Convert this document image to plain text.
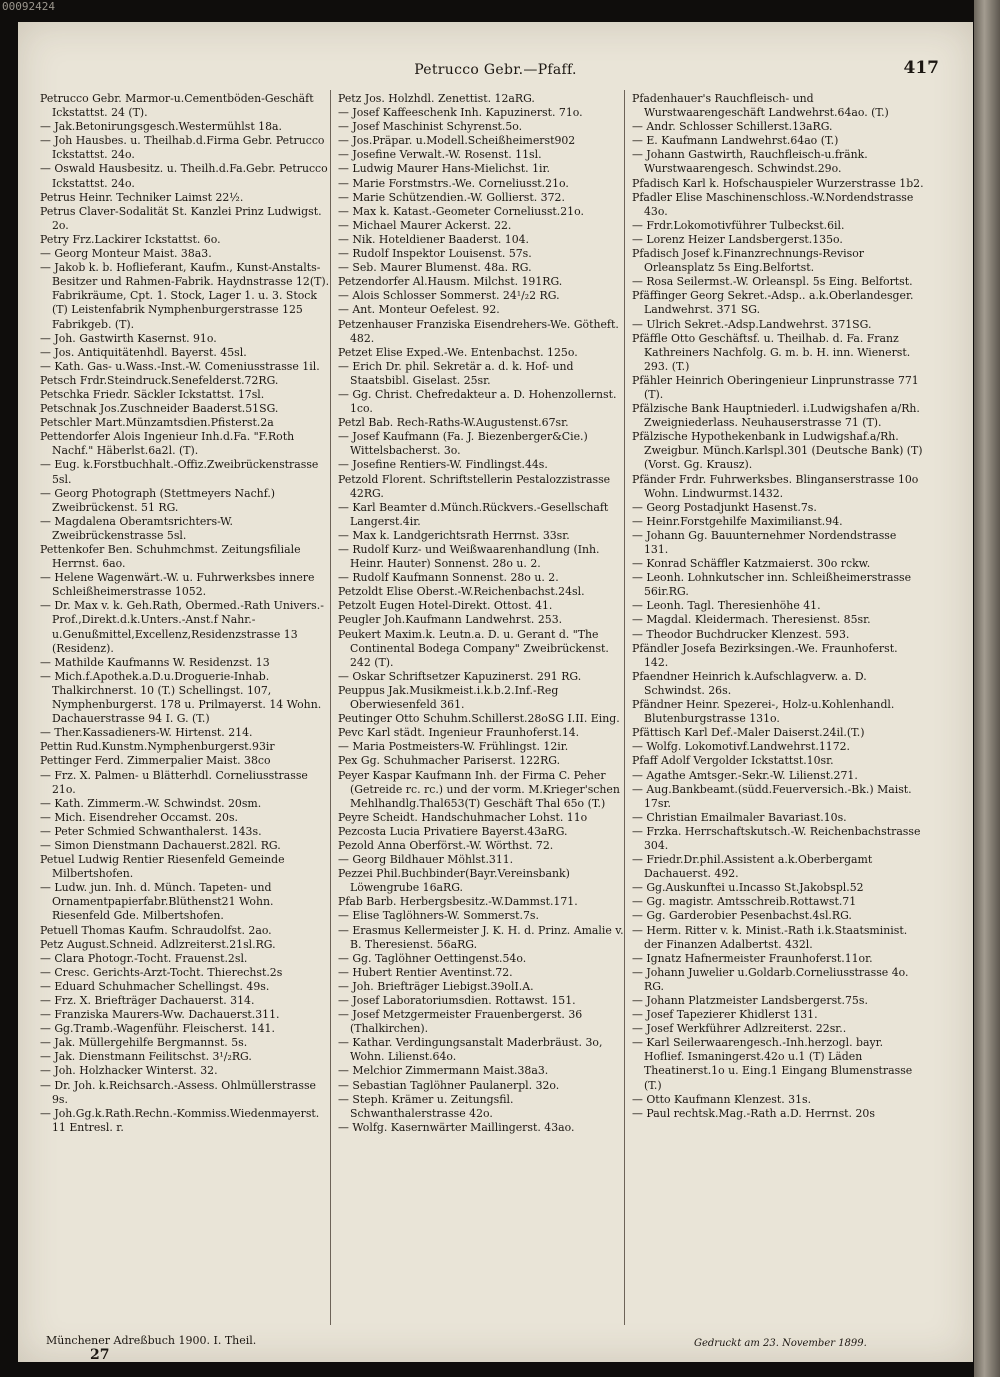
00092424
Petrucco Gebr.—Pfaff.	417
Petrucco Gebr. Marmor-u.Cementböden-Geschäft Ickstattst. 24 (T).
— Jak.Betonirungsgesch.Westermühlst 18a.
— Joh Hausbes. u. Theilhab.d.Firma Gebr. Petrucco Ickstattst. 24o.
— Oswald Hausbesitz. u. Theilh.d.Fa.Gebr. Petrucco Ickstattst. 24o.
Petrus Heinr. Techniker Laimst 22½.
Petrus Claver-Sodalität St. Kanzlei Prinz Ludwigst. 2o.
Petry Frz.Lackirer Ickstattst. 6o.
— Georg Monteur Maist. 38a3.
— Jakob k. b. Hoflieferant, Kaufm., Kunst-Anstalts-Besitzer und Rahmen-Fabrik. Haydnstrasse 12(T). Fabrikräume, Cpt. 1. Stock, Lager 1. u. 3. Stock (T) Leistenfabrik Nymphenburgerstrasse 125 Fabrikgeb. (T).
— Joh. Gastwirth Kasernst. 91o.
— Jos. Antiquitätenhdl. Bayerst. 45sl.
— Kath. Gas- u.Wass.-Inst.-W. Comeniusstrasse 1il.
Petsch Frdr.Steindruck.Senefelderst.72RG.
Petschka Friedr. Säckler Ickstattst. 17sl.
Petschnak Jos.Zuschneider Baaderst.51SG.
Petschler Mart.Münzamtsdien.Pfisterst.2a
Pettendorfer Alois Ingenieur Inh.d.Fa. "F.Roth Nachf." Häberlst.6a2l. (T).
— Eug. k.Forstbuchhalt.-Offiz.Zweibrückenstrasse 5sl.
— Georg Photograph (Stettmeyers Nachf.) Zweibrückenst. 51 RG.
— Magdalena Oberamtsrichters-W. Zweibrückenstrasse 5sl.
Pettenkofer Ben. Schuhmchmst. Zeitungsfiliale Herrnst. 6ao.
— Helene Wagenwärt.-W. u. Fuhrwerksbes innere Schleißheimerstrasse 1052.
— Dr. Max v. k. Geh.Rath, Obermed.-Rath Univers.-Prof.,Direkt.d.k.Unters.-Anst.f Nahr.-u.Genußmittel,Excellenz,Residenzstrasse 13 (Residenz).
— Mathilde Kaufmanns W. Residenzst. 13
— Mich.f.Apothek.a.D.u.Droguerie-Inhab. Thalkirchnerst. 10 (T.) Schellingst. 107, Nymphenburgerst. 178 u. Prilmayerst. 14 Wohn. Dachauerstrasse 94 I. G. (T.)
— Ther.Kassadieners-W. Hirtenst. 214.
Pettin Rud.Kunstm.Nymphenburgerst.93ir
Pettinger Ferd. Zimmerpalier Maist. 38co
— Frz. X. Palmen- u Blätterhdl. Corneliusstrasse 21o.
— Kath. Zimmerm.-W. Schwindst. 20sm.
— Mich. Eisendreher Occamst. 20s.
— Peter Schmied Schwanthalerst. 143s.
— Simon Dienstmann Dachauerst.282l. RG.
Petuel Ludwig Rentier Riesenfeld Gemeinde Milbertshofen.
— Ludw. jun. Inh. d. Münch. Tapeten- und Ornamentpapierfabr.Blüthenst21 Wohn. Riesenfeld Gde. Milbertshofen.
Petuell Thomas Kaufm. Schraudolfst. 2ao.
Petz August.Schneid. Adlzreiterst.21sl.RG.
— Clara Photogr.-Tocht. Frauenst.2sl.
— Cresc. Gerichts-Arzt-Tocht. Thierechst.2s
— Eduard Schuhmacher Schellingst. 49s.
— Frz. X. Briefträger Dachauerst. 314.
— Franziska Maurers-Ww. Dachauerst.311.
— Gg.Tramb.-Wagenführ. Fleischerst. 141.
— Jak. Müllergehilfe Bergmannst. 5s.
— Jak. Dienstmann Feilitschst. 3¹/₂RG.
— Joh. Holzhacker Winterst. 32.
— Dr. Joh. k.Reichsarch.-Assess. Ohlmüllerstrasse 9s.
— Joh.Gg.k.Rath.Rechn.-Kommiss.Wiedenmayerst. 11 Entresl. r.
Petz Jos. Holzhdl. Zenettist. 12aRG.
— Josef Kaffeeschenk Inh. Kapuzinerst. 71o.
— Josef Maschinist Schyrenst.5o.
— Jos.Präpar. u.Modell.Scheißheimerst902
— Josefine Verwalt.-W. Rosenst. 11sl.
— Ludwig Maurer Hans-Mielichst. 1ir.
— Marie Forstmstrs.-We. Corneliusst.21o.
— Marie Schützendien.-W. Gollierst. 372.
— Max k. Katast.-Geometer Corneliusst.21o.
— Michael Maurer Ackerst. 22.
— Nik. Hoteldiener Baaderst. 104.
— Rudolf Inspektor Louisenst. 57s.
— Seb. Maurer Blumenst. 48a. RG.
Petzendorfer Al.Hausm. Milchst. 191RG.
— Alois Schlosser Sommerst. 24¹/₂2 RG.
— Ant. Monteur Oefelest. 92.
Petzenhauser Franziska Eisendrehers-We. Götheft. 482.
Petzet Elise Exped.-We. Entenbachst. 125o.
— Erich Dr. phil. Sekretär a. d. k. Hof- und Staatsbibl. Giselast. 25sr.
— Gg. Christ. Chefredakteur a. D. Hohenzollernst. 1co.
Petzl Bab. Rech-Raths-W.Augustenst.67sr.
— Josef Kaufmann (Fa. J. Biezenberger&Cie.) Wittelsbacherst. 3o.
— Josefine Rentiers-W. Findlingst.44s.
Petzold Florent. Schriftstellerin Pestalozzistrasse 42RG.
— Karl Beamter d.Münch.Rückvers.-Gesellschaft Langerst.4ir.
— Max k. Landgerichtsrath Herrnst. 33sr.
— Rudolf Kurz- und Weißwaarenhandlung (Inh. Heinr. Hauter) Sonnenst. 28o u. 2.
— Rudolf Kaufmann Sonnenst. 28o u. 2.
Petzoldt Elise Oberst.-W.Reichenbachst.24sl.
Petzolt Eugen Hotel-Direkt. Ottost. 41.
Peugler Joh.Kaufmann Landwehrst. 253.
Peukert Maxim.k. Leutn.a. D. u. Gerant d. "The Continental Bodega Company" Zweibrückenst. 242 (T).
— Oskar Schriftsetzer Kapuzinerst. 291 RG.
Peuppus Jak.Musikmeist.i.k.b.2.Inf.-Reg Oberwiesenfeld 361.
Peutinger Otto Schuhm.Schillerst.28oSG I.II. Eing.
Pevc Karl städt. Ingenieur Fraunhoferst.14.
— Maria Postmeisters-W. Frühlingst. 12ir.
Pex Gg. Schuhmacher Pariserst. 122RG.
Peyer Kaspar Kaufmann Inh. der Firma C. Peher (Getreide rc. rc.) und der vorm. M.Krieger'schen Mehlhandlg.Thal653(T) Geschäft Thal 65o (T.)
Peyre Scheidt. Handschuhmacher Lohst. 11o
Pezcosta Lucia Privatiere Bayerst.43aRG.
Pezold Anna Oberförst.-W. Wörthst. 72.
— Georg Bildhauer Möhlst.311.
Pezzei Phil.Buchbinder(Bayr.Vereinsbank) Löwengrube 16aRG.
Pfab Barb. Herbergsbesitz.-W.Dammst.171.
— Elise Taglöhners-W. Sommerst.7s.
— Erasmus Kellermeister J. K. H. d. Prinz. Amalie v. B. Theresienst. 56aRG.
— Gg. Taglöhner Oettingenst.54o.
— Hubert Rentier Aventinst.72.
— Joh. Briefträger Liebigst.39olI.A.
— Josef Laboratoriumsdien. Rottawst. 151.
— Josef Metzgermeister Frauenbergerst. 36 (Thalkirchen).
— Kathar. Verdingungsanstalt Maderbräust. 3o, Wohn. Lilienst.64o.
— Melchior Zimmermann Maist.38a3.
— Sebastian Taglöhner Paulanerpl. 32o.
— Steph. Krämer u. Zeitungsfil. Schwanthalerstrasse 42o.
— Wolfg. Kasernwärter Maillingerst. 43ao.
Pfadenhauer's Rauchfleisch- und Wurstwaarengeschäft Landwehrst.64ao. (T.)
— Andr. Schlosser Schillerst.13aRG.
— E. Kaufmann Landwehrst.64ao (T.)
— Johann Gastwirth, Rauchfleisch-u.fränk. Wurstwaarengesch. Schwindst.29o.
Pfadisch Karl k. Hofschauspieler Wurzerstrasse 1b2.
Pfadler Elise Maschinenschloss.-W.Nordendstrasse 43o.
— Frdr.Lokomotivführer Tulbeckst.6il.
— Lorenz Heizer Landsbergerst.135o.
Pfadisch Josef k.Finanzrechnungs-Revisor Orleansplatz 5s Eing.Belfortst.
— Rosa Seilermst.-W. Orleanspl. 5s Eing. Belfortst.
Pfäffinger Georg Sekret.-Adsp.. a.k.Oberlandesger. Landwehrst. 371 SG.
— Ulrich Sekret.-Adsp.Landwehrst. 371SG.
Pfäffle Otto Geschäftsf. u. Theilhab. d. Fa. Franz Kathreiners Nachfolg. G. m. b. H. inn. Wienerst. 293. (T.)
Pfähler Heinrich Oberingenieur Linprunstrasse 771 (T).
Pfälzische Bank Hauptniederl. i.Ludwigshafen a/Rh. Zweigniederlass. Neuhauserstrasse 71 (T).
Pfälzische Hypothekenbank in Ludwigshaf.a/Rh. Zweigbur. Münch.Karlspl.301 (Deutsche Bank) (T) (Vorst. Gg. Krausz).
Pfänder Frdr. Fuhrwerksbes. Blinganserstrasse 10o Wohn. Lindwurmst.1432.
— Georg Postadjunkt Hasenst.7s.
— Heinr.Forstgehilfe Maximilianst.94.
— Johann Gg. Bauunternehmer Nordendstrasse 131.
— Konrad Schäffler Katzmaierst. 30o rckw.
— Leonh. Lohnkutscher inn. Schleißheimerstrasse 56ir.RG.
— Leonh. Tagl. Theresienhöhe 41.
— Magdal. Kleidermach. Theresienst. 85sr.
— Theodor Buchdrucker Klenzest. 593.
Pfändler Josefa Bezirksingen.-We. Fraunhoferst. 142.
Pfaendner Heinrich k.Aufschlagverw. a. D. Schwindst. 26s.
Pfändner Heinr. Spezerei-, Holz-u.Kohlenhandl. Blutenburgstrasse 131o.
Pfättisch Karl Def.-Maler Daiserst.24il.(T.)
— Wolfg. Lokomotivf.Landwehrst.1172.
Pfaff Adolf Vergolder Ickstattst.10sr.
— Agathe Amtsger.-Sekr.-W. Lilienst.271.
— Aug.Bankbeamt.(südd.Feuerversich.-Bk.) Maist. 17sr.
— Christian Emailmaler Bavariast.10s.
— Frzka. Herrschaftskutsch.-W. Reichenbachstrasse 304.
— Friedr.Dr.phil.Assistent a.k.Oberbergamt Dachauerst. 492.
— Gg.Auskunftei u.Incasso St.Jakobspl.52
— Gg. magistr. Amtsschreib.Rottawst.71
— Gg. Garderobier Pesenbachst.4sl.RG.
— Herm. Ritter v. k. Minist.-Rath i.k.Staatsminist. der Finanzen Adalbertst. 432l.
— Ignatz Hafnermeister Fraunhoferst.11or.
— Johann Juwelier u.Goldarb.Corneliusstrasse 4o. RG.
— Johann Platzmeister Landsbergerst.75s.
— Josef Tapezierer Khidlerst 131.
— Josef Werkführer Adlzreiterst. 22sr..
— Karl Seilerwaarengesch.-Inh.herzogl. bayr. Hoflief. Ismaningerst.42o u.1 (T) Läden Theatinerst.1o u. Eing.1 Eingang Blumenstrasse (T.)
— Otto Kaufmann Klenzest. 31s.
— Paul rechtsk.Mag.-Rath a.D. Herrnst. 20s
Münchener Adreßbuch 1900. I. Theil.
27
Gedruckt am 23. November 1899.
